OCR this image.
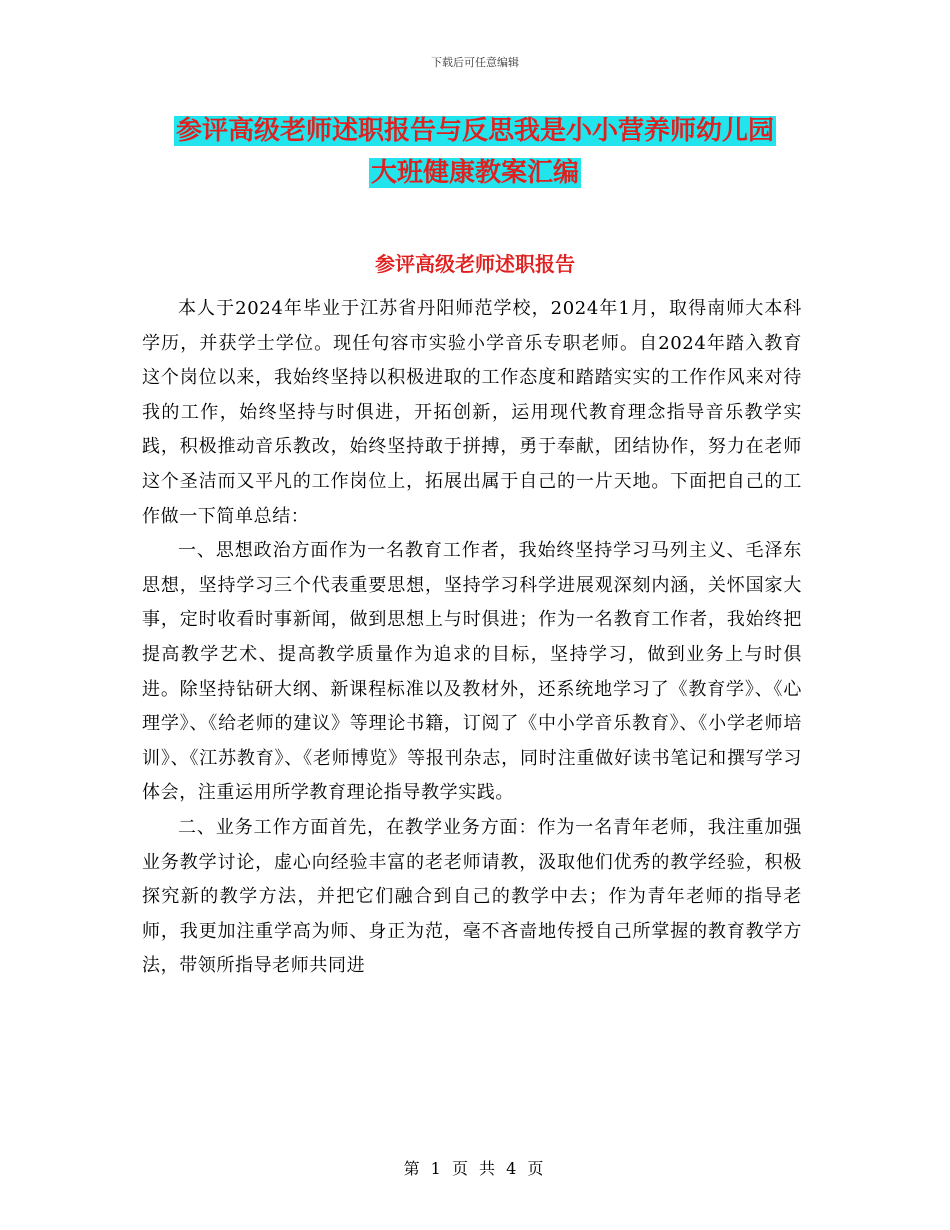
下载后可任意编辑
参评高级老师述职报告与反思我是小小营养师幼儿园
大班健康教案汇编
参评高级老师述职报告

本人于2024年毕业于江苏省丹阳师范学校，2024年1月，取得南师大本科学历，并获学士学位。现任句容市实验小学音乐专职老师。自2024年踏入教育这个岗位以来，我始终坚持以积极进取的工作态度和踏踏实实的工作作风来对待我的工作，始终坚持与时俱进，开拓创新，运用现代教育理念指导音乐教学实践，积极推动音乐教改，始终坚持敢于拼搏，勇于奉献，团结协作，努力在老师这个圣洁而又平凡的工作岗位上，拓展出属于自己的一片天地。下面把自己的工作做一下简单总结：

一、思想政治方面作为一名教育工作者，我始终坚持学习马列主义、毛泽东思想，坚持学习三个代表重要思想，坚持学习科学进展观深刻内涵，关怀国家大事，定时收看时事新闻，做到思想上与时俱进；作为一名教育工作者，我始终把提高教学艺术、提高教学质量作为追求的目标，坚持学习，做到业务上与时俱进。除坚持钻研大纲、新课程标准以及教材外，还系统地学习了《教育学》、《心理学》、《给老师的建议》等理论书籍，订阅了《中小学音乐教育》、《小学老师培训》、《江苏教育》、《老师博览》等报刊杂志，同时注重做好读书笔记和撰写学习体会，注重运用所学教育理论指导教学实践。

二、业务工作方面首先，在教学业务方面：作为一名青年老师，我注重加强业务教学讨论，虚心向经验丰富的老老师请教，汲取他们优秀的教学经验，积极探究新的教学方法，并把它们融合到自己的教学中去；作为青年老师的指导老师，我更加注重学高为师、身正为范，毫不吝啬地传授自己所掌握的教育教学方法，带领所指导老师共同进

第 1 页 共 4 页
